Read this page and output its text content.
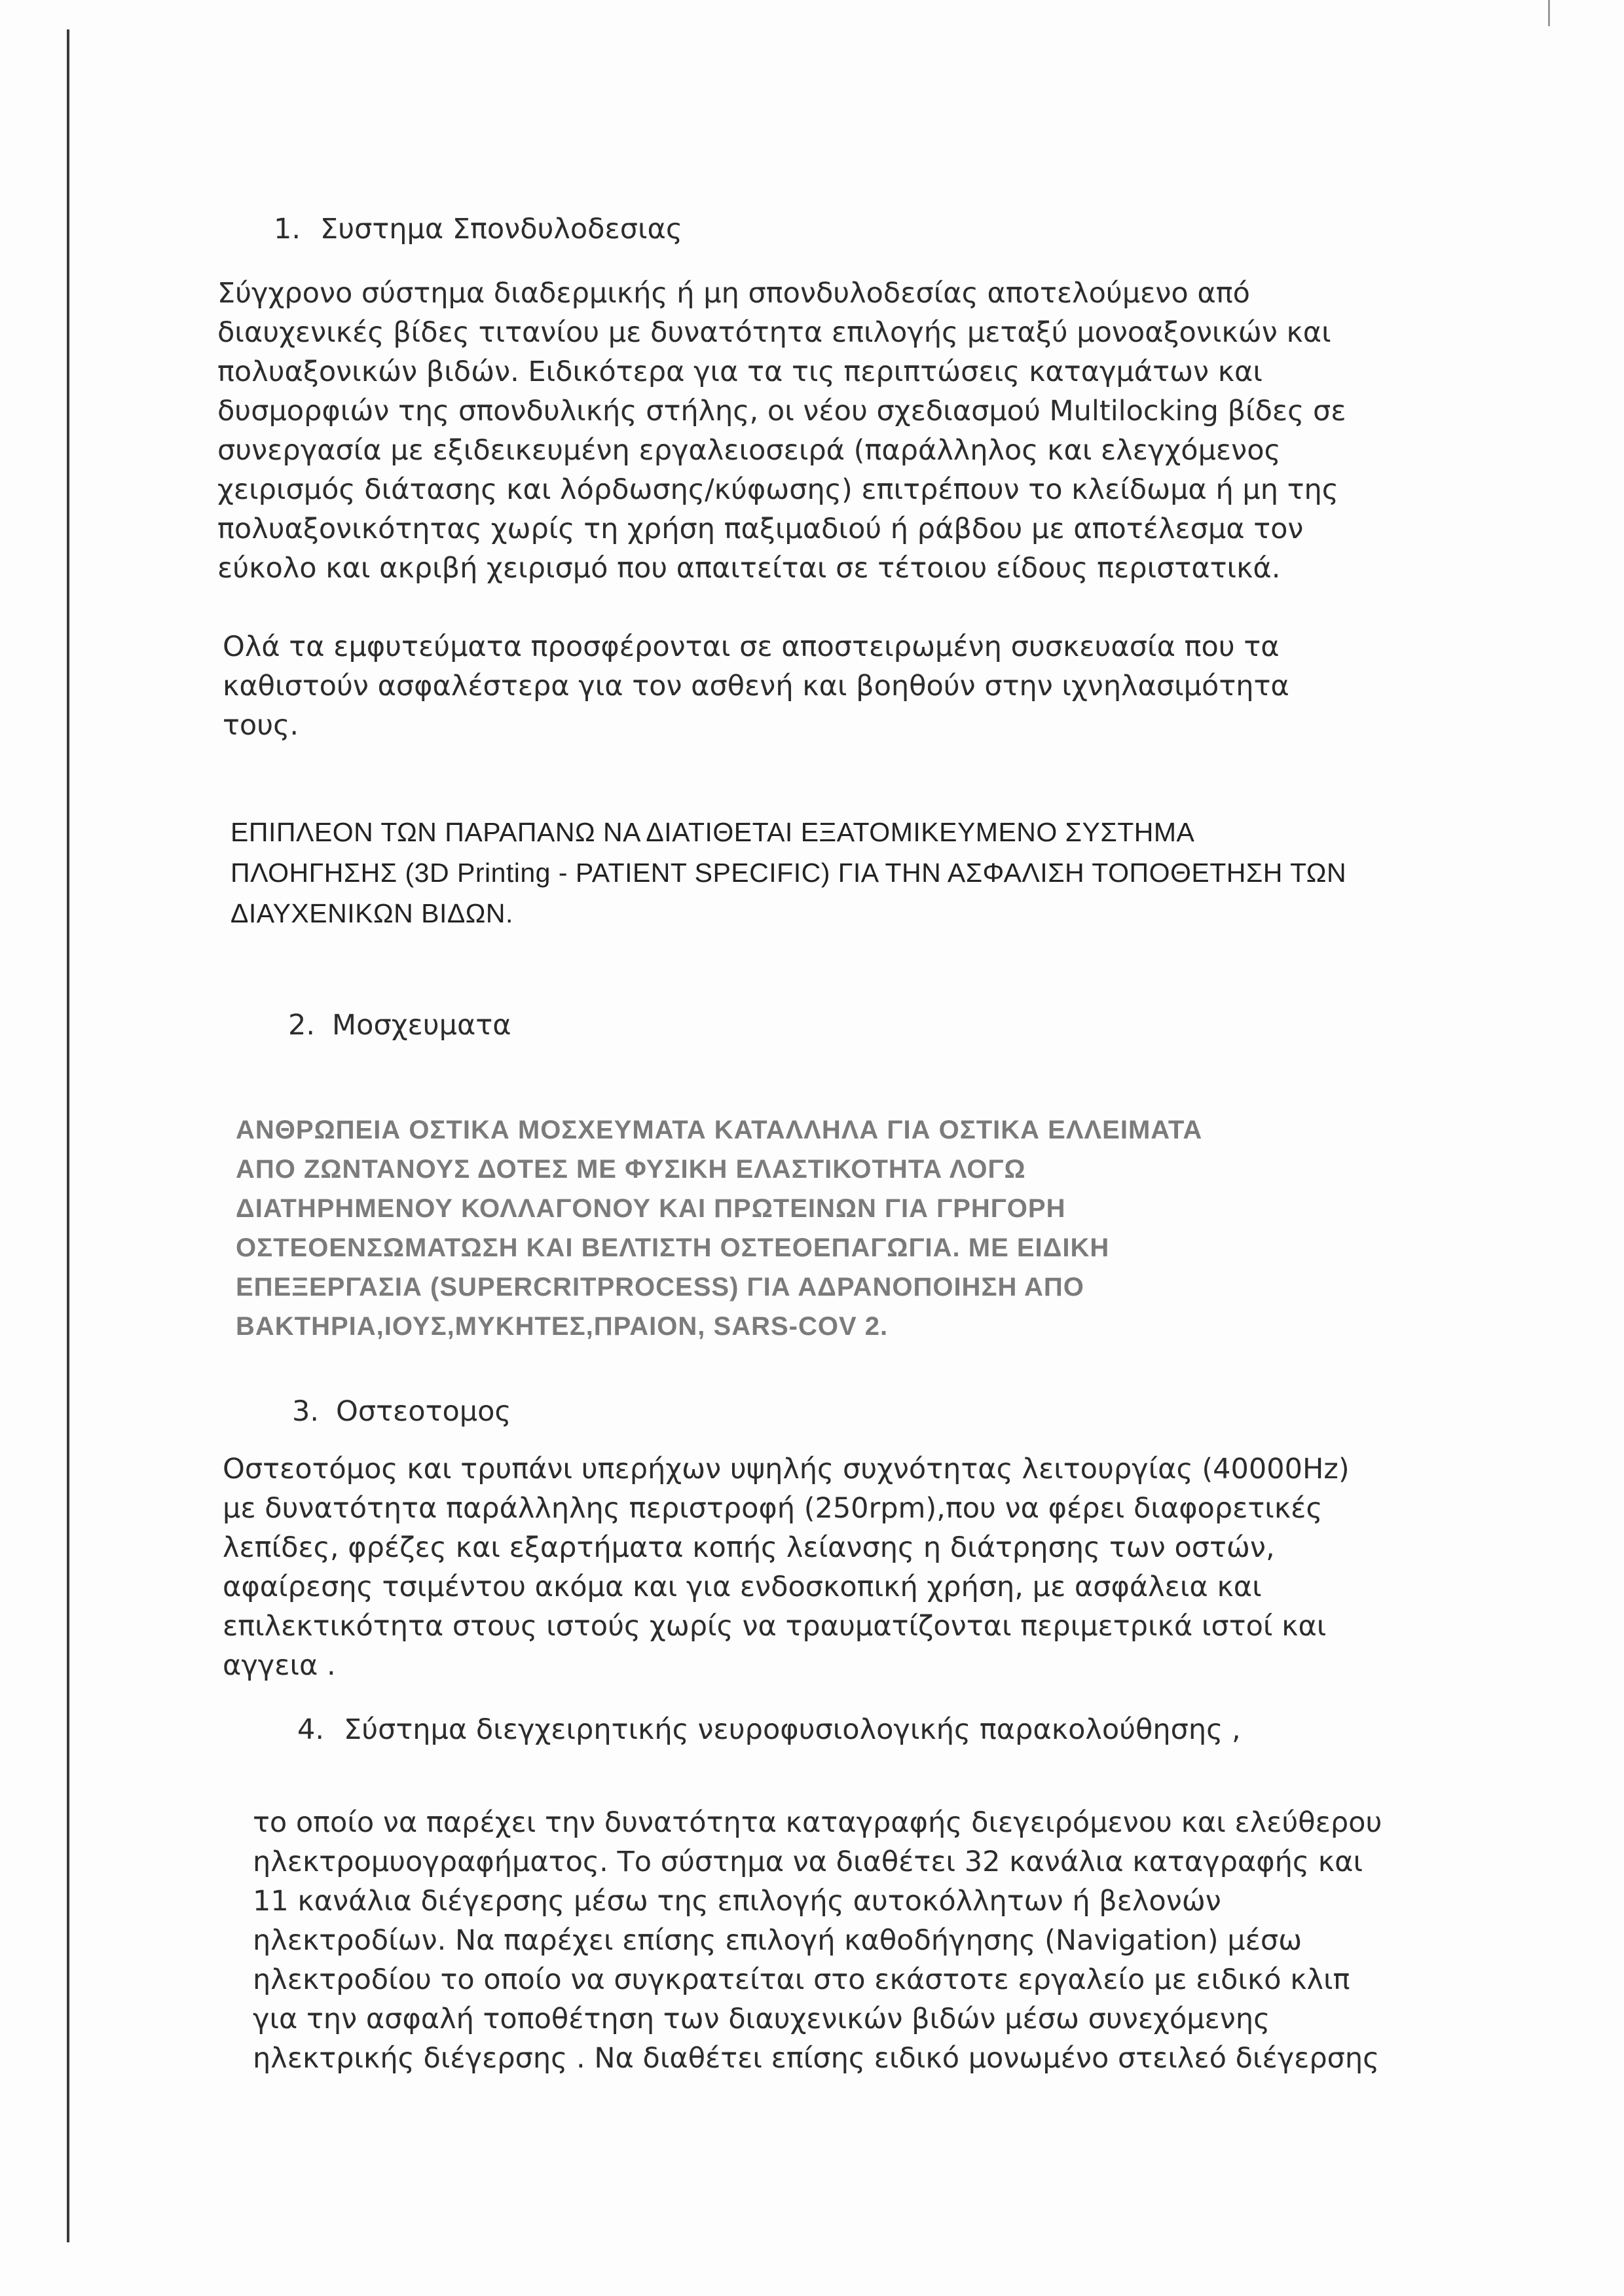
1. Συστημα Σπονδυλοδεσιας
Σύγχρονο σύστημα διαδερμικής ή μη σπονδυλοδεσίας αποτελούμενο από
διαυχενικές βίδες τιτανίου με δυνατότητα επιλογής μεταξύ μονοαξονικών και
πολυαξονικών βιδών. Ειδικότερα για τα τις περιπτώσεις καταγμάτων και
δυσμορφιών της σπονδυλικής στήλης, οι νέου σχεδιασμού Multilocking βίδες σε
συνεργασία με εξιδεικευμένη εργαλειοσειρά (παράλληλος και ελεγχόμενος
χειρισμός διάτασης και λόρδωσης/κύφωσης) επιτρέπουν το κλείδωμα ή μη της
πολυαξονικότητας χωρίς τη χρήση παξιμαδιού ή ράβδου με αποτέλεσμα τον
εύκολο και ακριβή χειρισμό που απαιτείται σε τέτοιου είδους περιστατικά.
Ολά τα εμφυτεύματα προσφέρονται σε αποστειρωμένη συσκευασία που τα
καθιστούν ασφαλέστερα για τον ασθενή και βοηθούν στην ιχνηλασιμότητα
τους.
ΕΠΙΠΛΕΟΝ ΤΩΝ ΠΑΡΑΠΑΝΩ ΝΑ ΔΙΑΤΙΘΕΤΑΙ ΕΞΑΤΟΜΙΚΕΥΜΕΝΟ ΣΥΣΤΗΜΑ
ΠΛΟΗΓΗΣΗΣ (3D Printing - PATIENT SPECIFIC) ΓΙΑ ΤΗΝ ΑΣΦΑΛΙΣΗ ΤΟΠΟΘΕΤΗΣΗ ΤΩΝ
ΔΙΑΥΧΕΝΙΚΩΝ ΒΙΔΩΝ.
2. Μοσχευματα
ΑΝΘΡΩΠΕΙΑ ΟΣΤΙΚΑ ΜΟΣΧΕΥΜΑΤΑ ΚΑΤΑΛΛΗΛΑ ΓΙΑ ΟΣΤΙΚΑ ΕΛΛΕΙΜΑΤΑ
ΑΠΟ ΖΩΝΤΑΝΟΥΣ ΔΟΤΕΣ ΜΕ ΦΥΣΙΚΗ ΕΛΑΣΤΙΚΟΤΗΤΑ ΛΟΓΩ
ΔΙΑΤΗΡΗΜΕΝΟΥ ΚΟΛΛΑΓΟΝΟΥ ΚΑΙ ΠΡΩΤΕΙΝΩΝ ΓΙΑ ΓΡΗΓΟΡΗ
ΟΣΤΕΟΕΝΣΩΜΑΤΩΣΗ ΚΑΙ ΒΕΛΤΙΣΤΗ ΟΣΤΕΟΕΠΑΓΩΓΙΑ. ΜΕ ΕΙΔΙΚΗ
ΕΠΕΞΕΡΓΑΣΙΑ (SUPERCRITPROCESS) ΓΙΑ ΑΔΡΑΝΟΠΟΙΗΣΗ ΑΠΟ
ΒΑΚΤΗΡΙΑ,ΙΟΥΣ,ΜΥΚΗΤΕΣ,ΠΡΑΙΟΝ, SARS-COV 2.
3. Οστεοτομος
Οστεοτόμος και τρυπάνι υπερήχων υψηλής συχνότητας λειτουργίας (40000Hz)
με δυνατότητα παράλληλης περιστροφή (250rpm),που να φέρει διαφορετικές
λεπίδες, φρέζες και εξαρτήματα κοπής λείανσης η διάτρησης των οστών,
αφαίρεσης τσιμέντου ακόμα και για ενδοσκοπική χρήση, με ασφάλεια και
επιλεκτικότητα στους ιστούς χωρίς να τραυματίζονται περιμετρικά ιστοί και
αγγεια .
4. Σύστημα διεγχειρητικής νευροφυσιολογικής παρακολούθησης ,
το οποίο να παρέχει την δυνατότητα καταγραφής διεγειρόμενου και ελεύθερου
ηλεκτρομυογραφήματος. Το σύστημα να διαθέτει 32 κανάλια καταγραφής και
11 κανάλια διέγερσης μέσω της επιλογής αυτοκόλλητων ή βελονών
ηλεκτροδίων. Να παρέχει επίσης επιλογή καθοδήγησης (Navigation) μέσω
ηλεκτροδίου το οποίο να συγκρατείται στο εκάστοτε εργαλείο με ειδικό κλιπ
για την ασφαλή τοποθέτηση των διαυχενικών βιδών μέσω συνεχόμενης
ηλεκτρικής διέγερσης . Να διαθέτει επίσης ειδικό μονωμένο στειλεό διέγερσης
